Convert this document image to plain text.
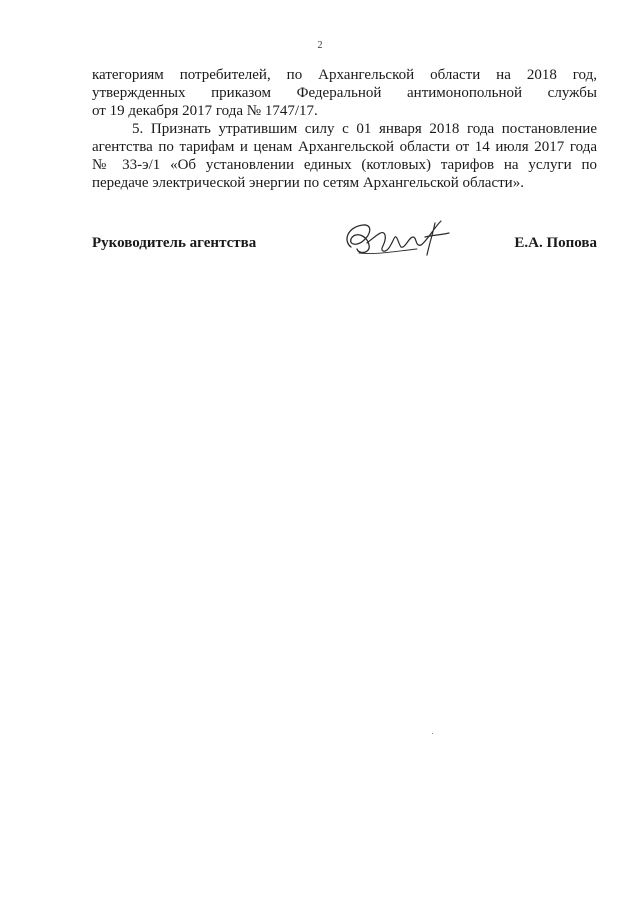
2
категориям потребителей, по Архангельской области на 2018 год,
утвержденных приказом Федеральной антимонопольной службы
от 19 декабря 2017 года № 1747/17.
5. Признать утратившим силу с 01 января 2018 года постановление
агентства по тарифам и ценам Архангельской области от 14 июля 2017 года
№ 33-э/1 «Об установлении единых (котловых) тарифов на услуги по
передаче электрической энергии по сетям Архангельской области».
Руководитель агентства	Е.А. Попова
